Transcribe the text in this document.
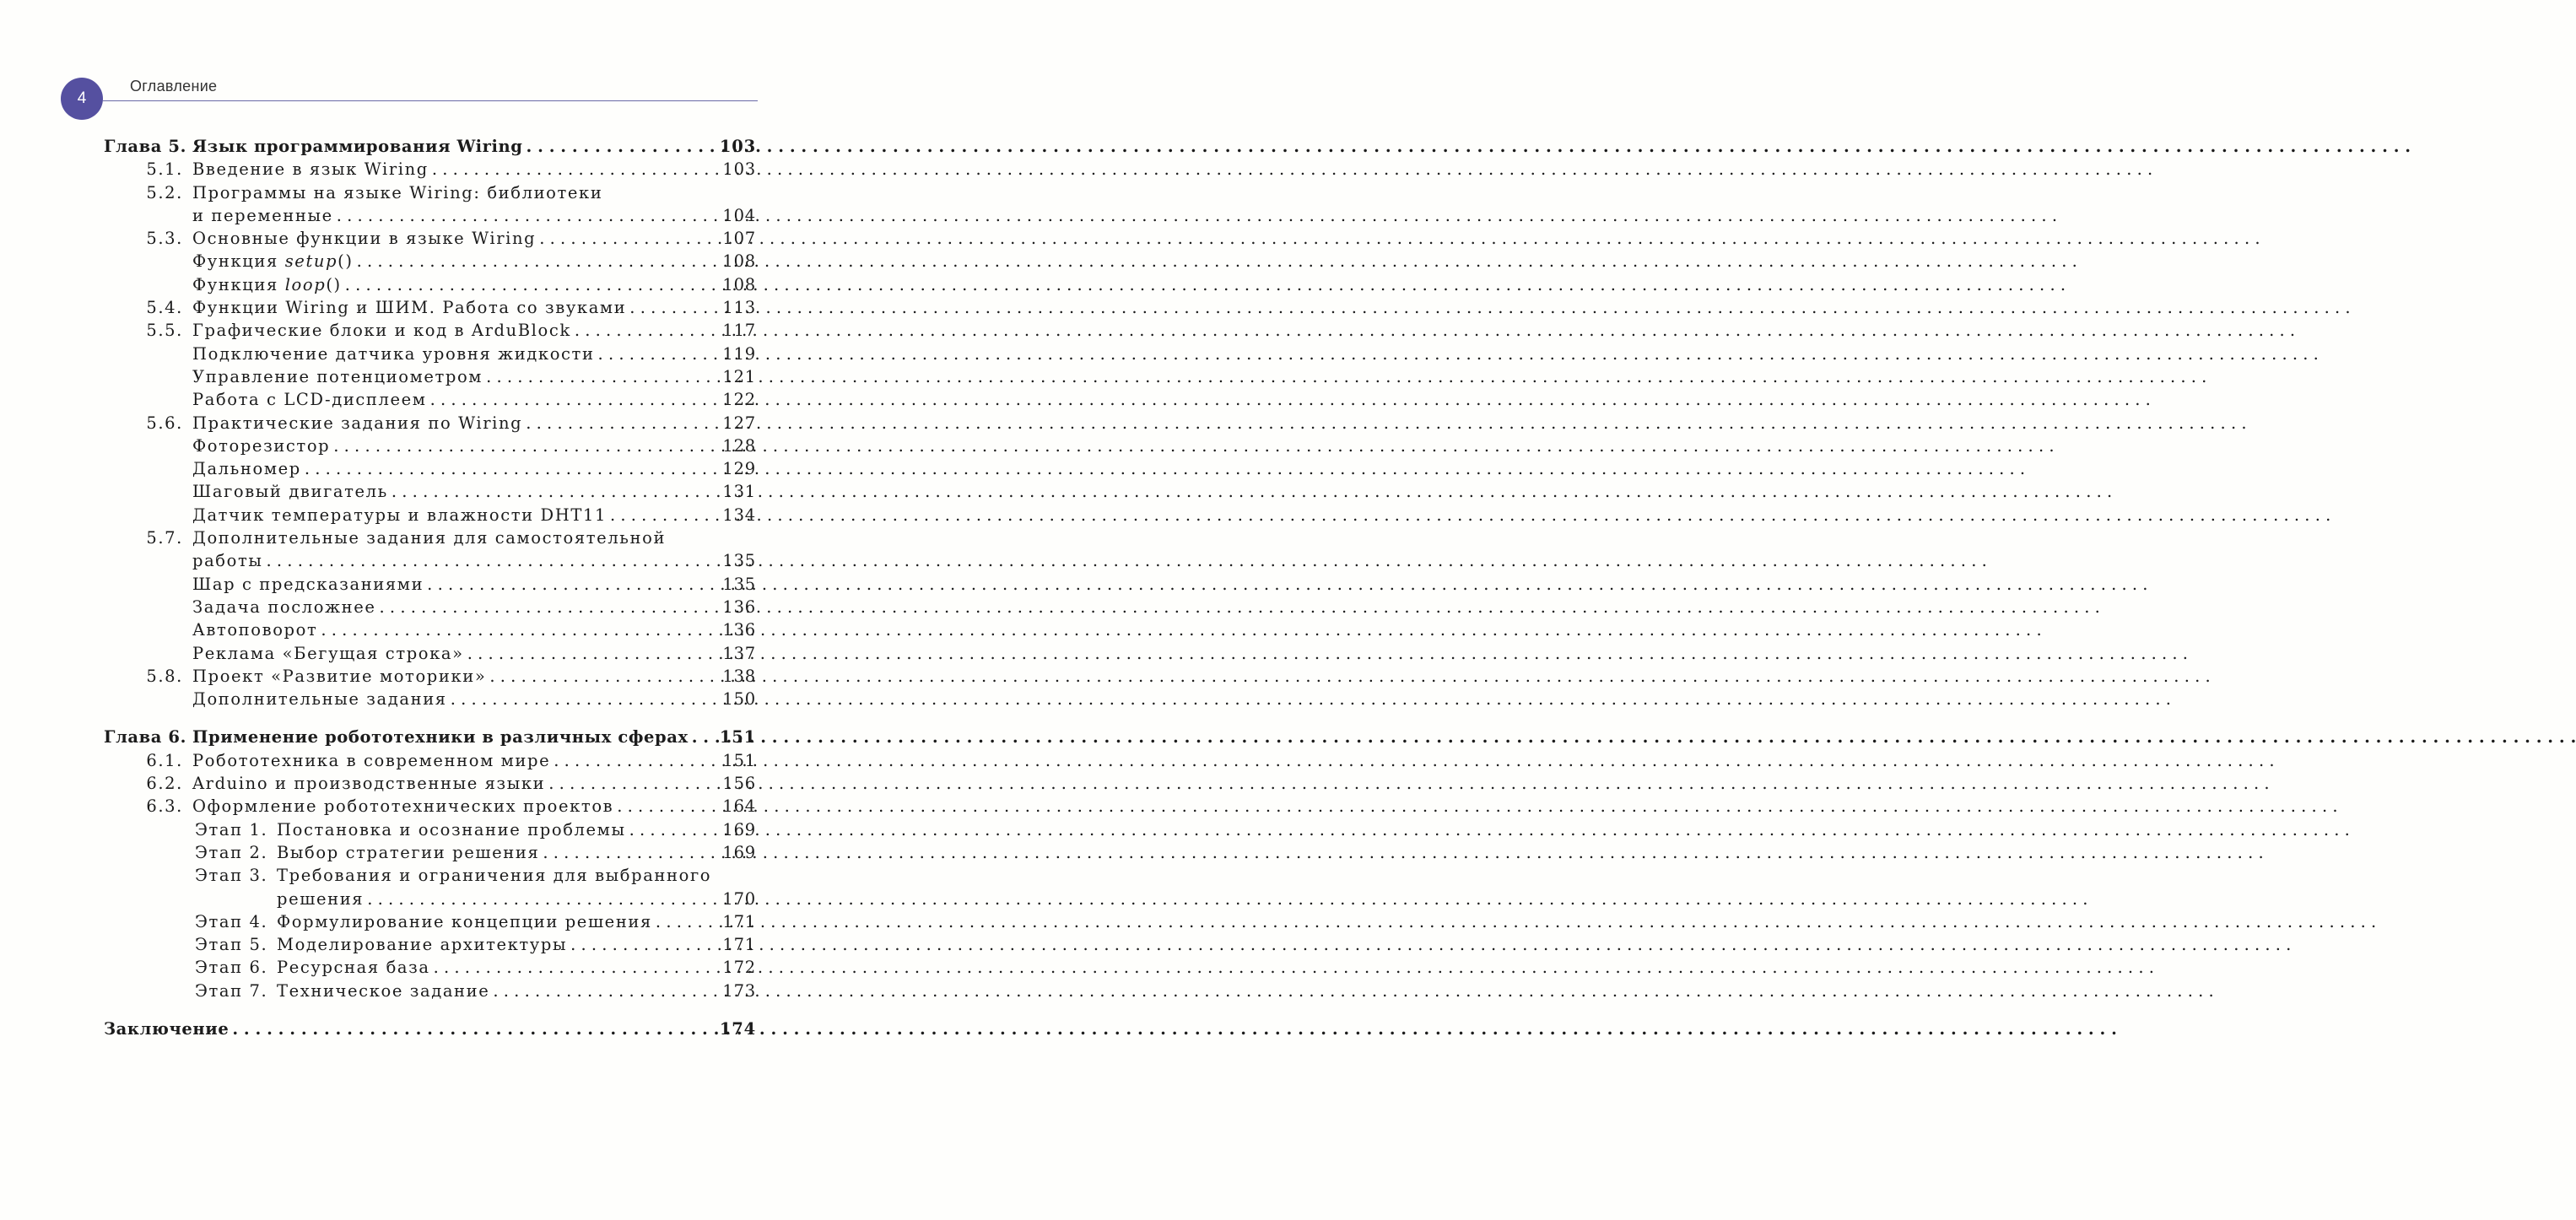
4
Оглавление
Глава 5. Язык программирования Wiring . . .	103
5.1. Введение в язык Wiring . . .	103
5.2. Программы на языке Wiring: библиотеки
и переменные . . .	104
5.3. Основные функции в языке Wiring . . .	107
Функция setup() . . .	108
Функция loop() . . .	108
5.4. Функции Wiring и ШИМ. Работа со звуками . . .	113
5.5. Графические блоки и код в ArduBlock . . .	117
Подключение датчика уровня жидкости . . .	119
Управление потенциометром . . .	121
Работа с LCD-дисплеем . . .	122
5.6. Практические задания по Wiring . . .	127
Фоторезистор . . .	128
Дальномер . . .	129
Шаговый двигатель . . .	131
Датчик температуры и влажности DHT11 . . .	134
5.7. Дополнительные задания для самостоятельной
работы . . .	135
Шар с предсказаниями . . .	135
Задача посложнее . . .	136
Автоповорот . . .	136
Реклама «Бегущая строка» . . .	137
5.8. Проект «Развитие моторики» . . .	138
Дополнительные задания . . .	150
Глава 6. Применение робототехники в различных сферах . . . 151
6.1. Робототехника в современном мире . . .	151
6.2. Arduino и производственные языки . . .	156
6.3. Оформление робототехнических проектов . . .	164
Этап 1. Постановка и осознание проблемы . . .	169
Этап 2. Выбор стратегии решения . . .	169
Этап 3. Требования и ограничения для выбранного
решения . . .	170
Этап 4. Формулирование концепции решения . . .	171
Этап 5. Моделирование архитектуры . . .	171
Этап 6. Ресурсная база . . .	172
Этап 7. Техническое задание . . .	173
Заключение . . .	174
